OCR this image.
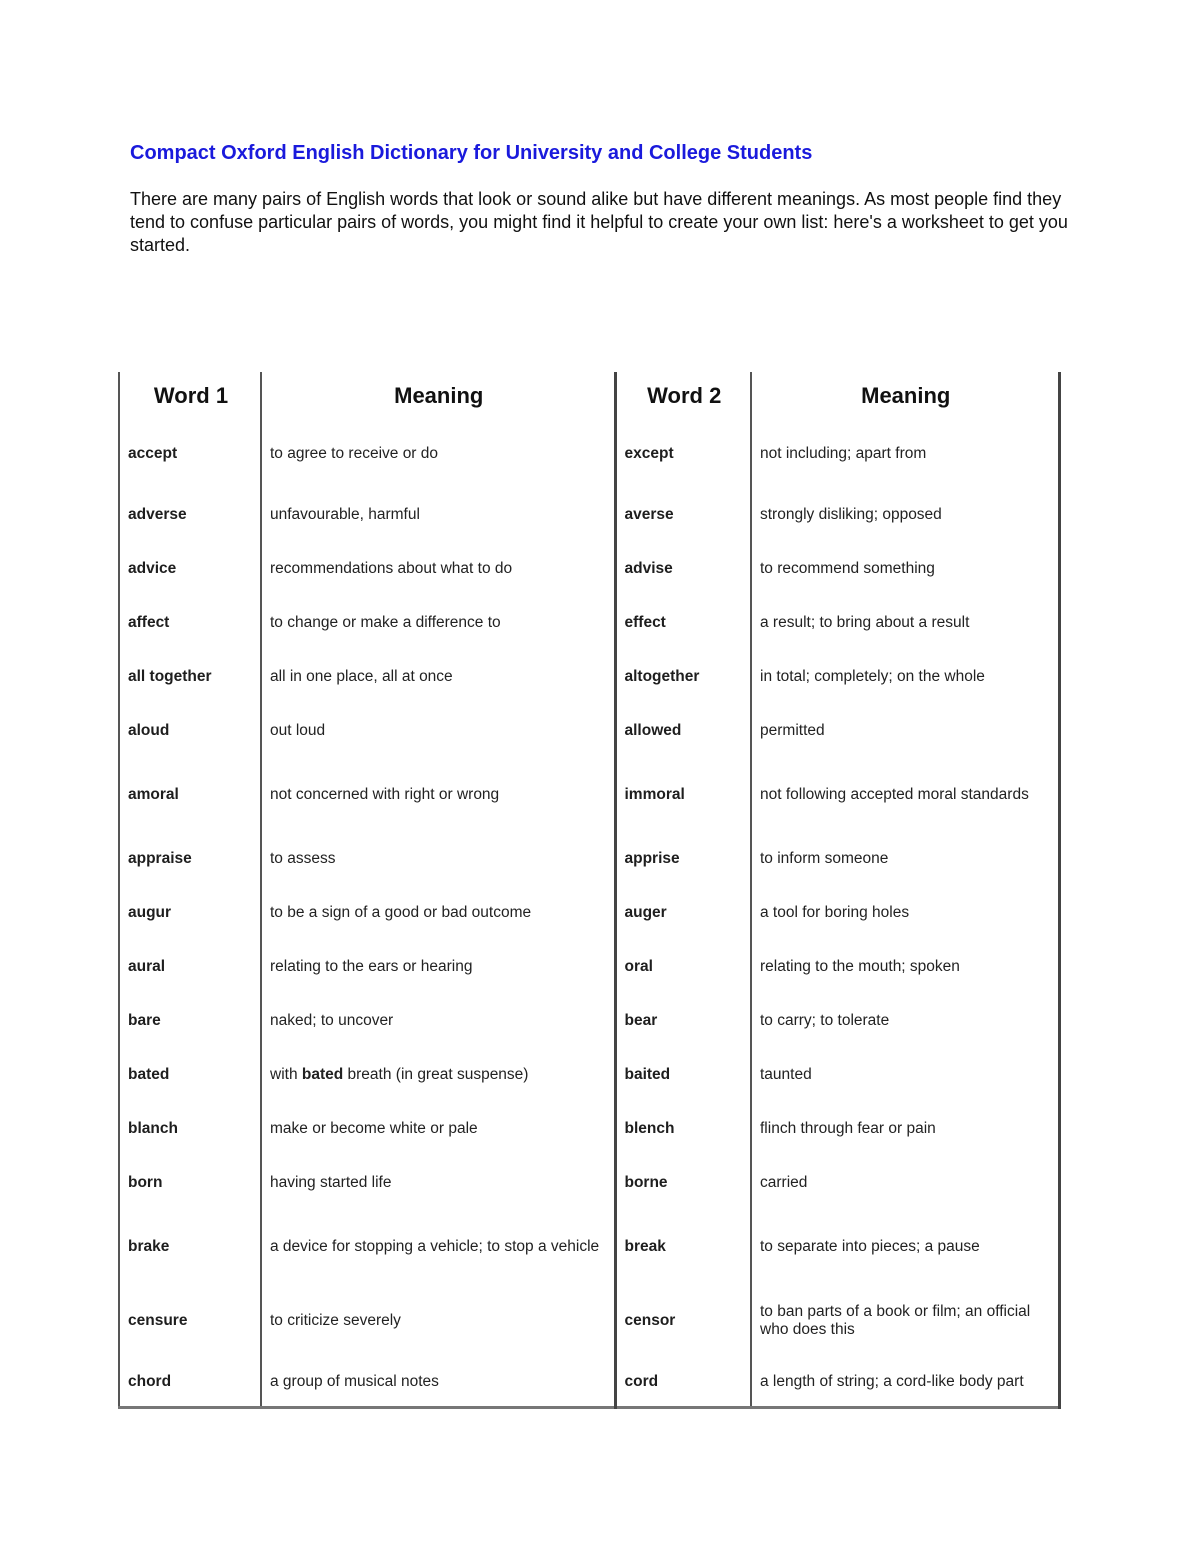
Compact Oxford English Dictionary for University and College Students

There are many pairs of English words that look or sound alike but have different meanings. As most people find they tend to confuse particular pairs of words, you might find it helpful to create your own list: here's a worksheet to get you started.

Word 1	Meaning	Word 2	Meaning
accept	to agree to receive or do	except	not including; apart from
adverse	unfavourable, harmful	averse	strongly disliking; opposed
advice	recommendations about what to do	advise	to recommend something
affect	to change or make a difference to	effect	a result; to bring about a result
all together	all in one place, all at once	altogether	in total; completely; on the whole
aloud	out loud	allowed	permitted
amoral	not concerned with right or wrong	immoral	not following accepted moral standards
appraise	to assess	apprise	to inform someone
augur	to be a sign of a good or bad outcome	auger	a tool for boring holes
aural	relating to the ears or hearing	oral	relating to the mouth; spoken
bare	naked; to uncover	bear	to carry; to tolerate
bated	with bated breath (in great suspense)	baited	taunted
blanch	make or become white or pale	blench	flinch through fear or pain
born	having started life	borne	carried
brake	a device for stopping a vehicle; to stop a vehicle	break	to separate into pieces; a pause
censure	to criticize severely	censor	to ban parts of a book or film; an official who does this
chord	a group of musical notes	cord	a length of string; a cord-like body part
